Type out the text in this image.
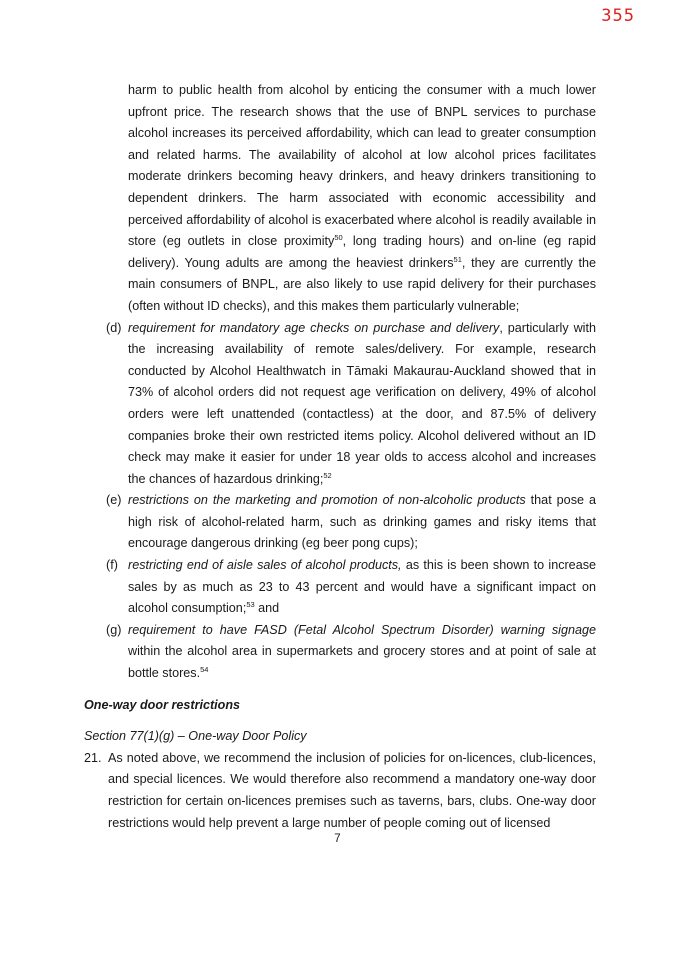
355

harm to public health from alcohol by enticing the consumer with a much lower upfront price. The research shows that the use of BNPL services to purchase alcohol increases its perceived affordability, which can lead to greater consumption and related harms. The availability of alcohol at low alcohol prices facilitates moderate drinkers becoming heavy drinkers, and heavy drinkers transitioning to dependent drinkers. The harm associated with economic accessibility and perceived affordability of alcohol is exacerbated where alcohol is readily available in store (eg outlets in close proximity$^{50}$, long trading hours) and on-line (eg rapid delivery). Young adults are among the heaviest drinkers$^{51}$, they are currently the main consumers of BNPL, are also likely to use rapid delivery for their purchases (often without ID checks), and this makes them particularly vulnerable;

(d) requirement for mandatory age checks on purchase and delivery, particularly with the increasing availability of remote sales/delivery. For example, research conducted by Alcohol Healthwatch in Tāmaki Makaurau-Auckland showed that in 73% of alcohol orders did not request age verification on delivery, 49% of alcohol orders were left unattended (contactless) at the door, and 87.5% of delivery companies broke their own restricted items policy. Alcohol delivered without an ID check may make it easier for under 18 year olds to access alcohol and increases the chances of hazardous drinking;$^{52}$

(e) restrictions on the marketing and promotion of non-alcoholic products that pose a high risk of alcohol-related harm, such as drinking games and risky items that encourage dangerous drinking (eg beer pong cups);

(f) restricting end of aisle sales of alcohol products, as this is been shown to increase sales by as much as 23 to 43 percent and would have a significant impact on alcohol consumption;$^{53}$ and

(g) requirement to have FASD (Fetal Alcohol Spectrum Disorder) warning signage within the alcohol area in supermarkets and grocery stores and at point of sale at bottle stores.$^{54}$

One-way door restrictions

Section 77(1)(g) – One-way Door Policy

21. As noted above, we recommend the inclusion of policies for on-licences, club-licences, and special licences. We would therefore also recommend a mandatory one-way door restriction for certain on-licences premises such as taverns, bars, clubs. One-way door restrictions would help prevent a large number of people coming out of licensed

7
